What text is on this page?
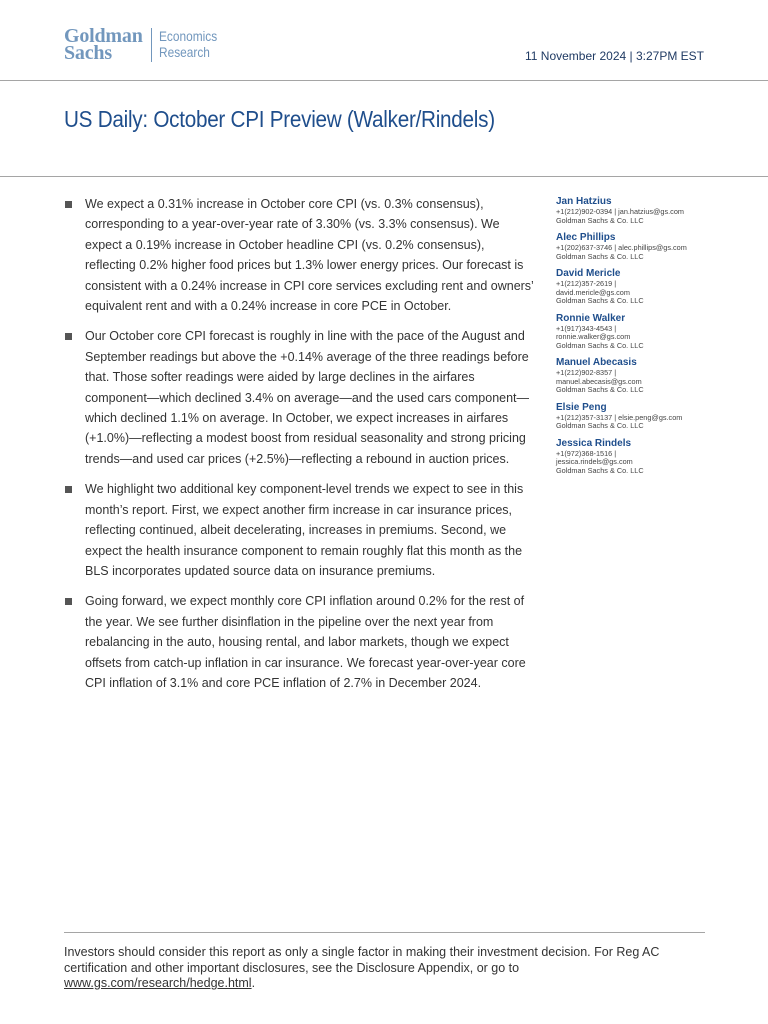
Goldman
Sachs
Economics
Research	11 November 2024 | 3:27PM EST
US Daily: October CPI Preview (Walker/Rindels)
We expect a 0.31% increase in October core CPI (vs. 0.3% consensus), corresponding to a year-over-year rate of 3.30% (vs. 3.3% consensus). We expect a 0.19% increase in October headline CPI (vs. 0.2% consensus), reflecting 0.2% higher food prices but 1.3% lower energy prices. Our forecast is consistent with a 0.24% increase in CPI core services excluding rent and owners’ equivalent rent and with a 0.24% increase in core PCE in October.
Our October core CPI forecast is roughly in line with the pace of the August and September readings but above the +0.14% average of the three readings before that. Those softer readings were aided by large declines in the airfares component—which declined 3.4% on average—and the used cars component—which declined 1.1% on average. In October, we expect increases in airfares (+1.0%)—reflecting a modest boost from residual seasonality and strong pricing trends—and used car prices (+2.5%)—reflecting a rebound in auction prices.
We highlight two additional key component-level trends we expect to see in this month’s report. First, we expect another firm increase in car insurance prices, reflecting continued, albeit decelerating, increases in premiums. Second, we expect the health insurance component to remain roughly flat this month as the BLS incorporates updated source data on insurance premiums.
Going forward, we expect monthly core CPI inflation around 0.2% for the rest of the year. We see further disinflation in the pipeline over the next year from rebalancing in the auto, housing rental, and labor markets, though we expect offsets from catch-up inflation in car insurance. We forecast year-over-year core CPI inflation of 3.1% and core PCE inflation of 2.7% in December 2024.
Jan Hatzius
+1(212)902-0394 | jan.hatzius@gs.com
Goldman Sachs & Co. LLC
Alec Phillips
+1(202)637-3746 | alec.phillips@gs.com
Goldman Sachs & Co. LLC
David Mericle
+1(212)357-2619 |
david.mericle@gs.com
Goldman Sachs & Co. LLC
Ronnie Walker
+1(917)343-4543 |
ronnie.walker@gs.com
Goldman Sachs & Co. LLC
Manuel Abecasis
+1(212)902-8357 |
manuel.abecasis@gs.com
Goldman Sachs & Co. LLC
Elsie Peng
+1(212)357-3137 | elsie.peng@gs.com
Goldman Sachs & Co. LLC
Jessica Rindels
+1(972)368-1516 |
jessica.rindels@gs.com
Goldman Sachs & Co. LLC
Investors should consider this report as only a single factor in making their investment decision. For Reg AC certification and other important disclosures, see the Disclosure Appendix, or go to www.gs.com/research/hedge.html.
